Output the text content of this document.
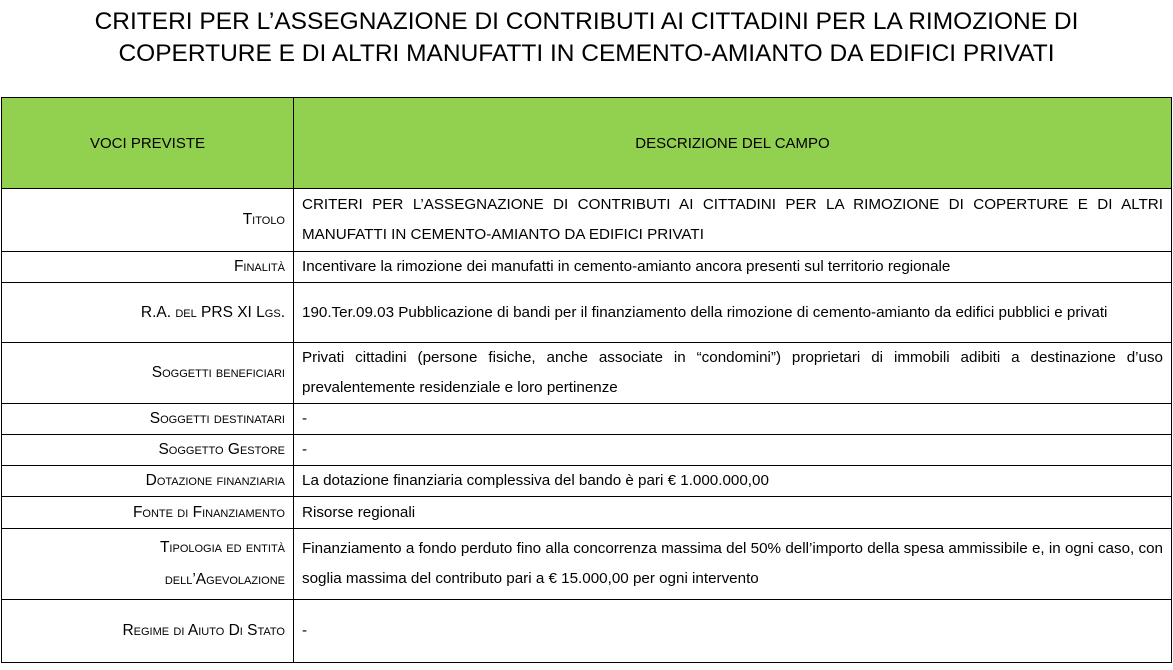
CRITERI PER L’ASSEGNAZIONE DI CONTRIBUTI AI CITTADINI PER LA RIMOZIONE DI
COPERTURE E DI ALTRI MANUFATTI IN CEMENTO-AMIANTO DA EDIFICI PRIVATI
VOCI PREVISTE	DESCRIZIONE DEL CAMPO
Titolo	CRITERI PER L’ASSEGNAZIONE DI CONTRIBUTI AI CITTADINI PER LA RIMOZIONE DI COPERTURE E DI ALTRI MANUFATTI IN CEMENTO-AMIANTO DA EDIFICI PRIVATI
Finalità	Incentivare la rimozione dei manufatti in cemento-amianto ancora presenti sul territorio regionale
R.A. del PRS XI Lgs.	190.Ter.09.03 Pubblicazione di bandi per il finanziamento della rimozione di cemento-amianto da edifici pubblici e privati
Soggetti beneficiari	Privati cittadini (persone fisiche, anche associate in “condomini”) proprietari di immobili adibiti a destinazione d’uso prevalentemente residenziale e loro pertinenze
Soggetti destinatari	-
Soggetto Gestore	-
Dotazione finanziaria	La dotazione finanziaria complessiva del bando è pari € 1.000.000,00
Fonte di Finanziamento	Risorse regionali
Tipologia ed entità
dell’Agevolazione	Finanziamento a fondo perduto fino alla concorrenza massima del 50% dell’importo della spesa ammissibile e, in ogni caso, con soglia massima del contributo pari a € 15.000,00 per ogni intervento
Regime di Aiuto Di Stato	-
